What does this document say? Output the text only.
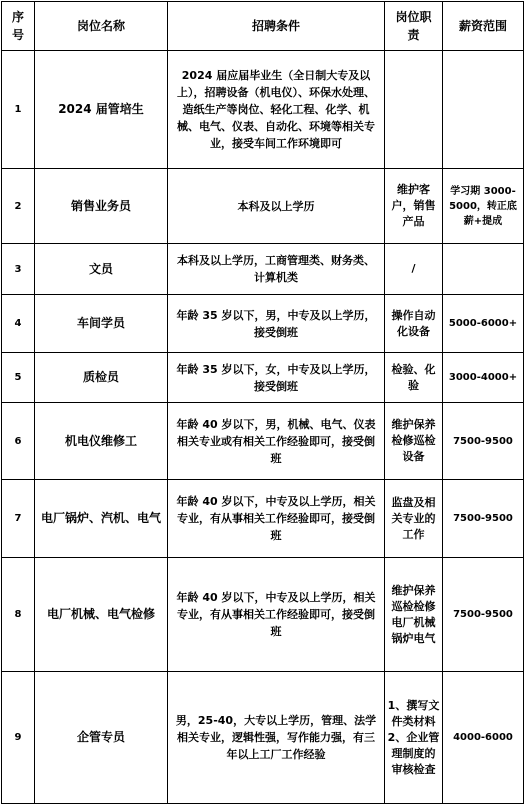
序号	岗位名称	招聘条件	岗位职责	薪资范围
1	2024 届管培生	2024 届应届毕业生（全日制大专及以上），招聘设备（机电仪）、环保水处理、造纸生产等岗位、轻化工程、化学、机械、电气、仪表、自动化、环境等相关专业，接受车间工作环境即可		
2	销售业务员	本科及以上学历	维护客户，销售产品	学习期 3000-5000，转正底薪+提成
3	文员	本科及以上学历，工商管理类、财务类、计算机类	/	
4	车间学员	年龄 35 岁以下，男，中专及以上学历，接受倒班	操作自动化设备	5000-6000+
5	质检员	年龄 35 岁以下，女，中专及以上学历，接受倒班	检验、化验	3000-4000+
6	机电仪维修工	年龄 40 岁以下，男，机械、电气、仪表相关专业或有相关工作经验即可，接受倒班	维护保养检修巡检设备	7500-9500
7	电厂锅炉、汽机、电气	年龄 40 岁以下，中专及以上学历，相关专业，有从事相关工作经验即可，接受倒班	监盘及相关专业的工作	7500-9500
8	电厂机械、电气检修	年龄 40 岁以下，中专及以上学历，相关专业，有从事相关工作经验即可，接受倒班	维护保养巡检检修电厂机械锅炉电气	7500-9500
9	企管专员	男，25-40，大专以上学历，管理、法学相关专业，逻辑性强，写作能力强，有三年以上工厂工作经验	1、撰写文件类材料 2、企业管理制度的审核检查	4000-6000
